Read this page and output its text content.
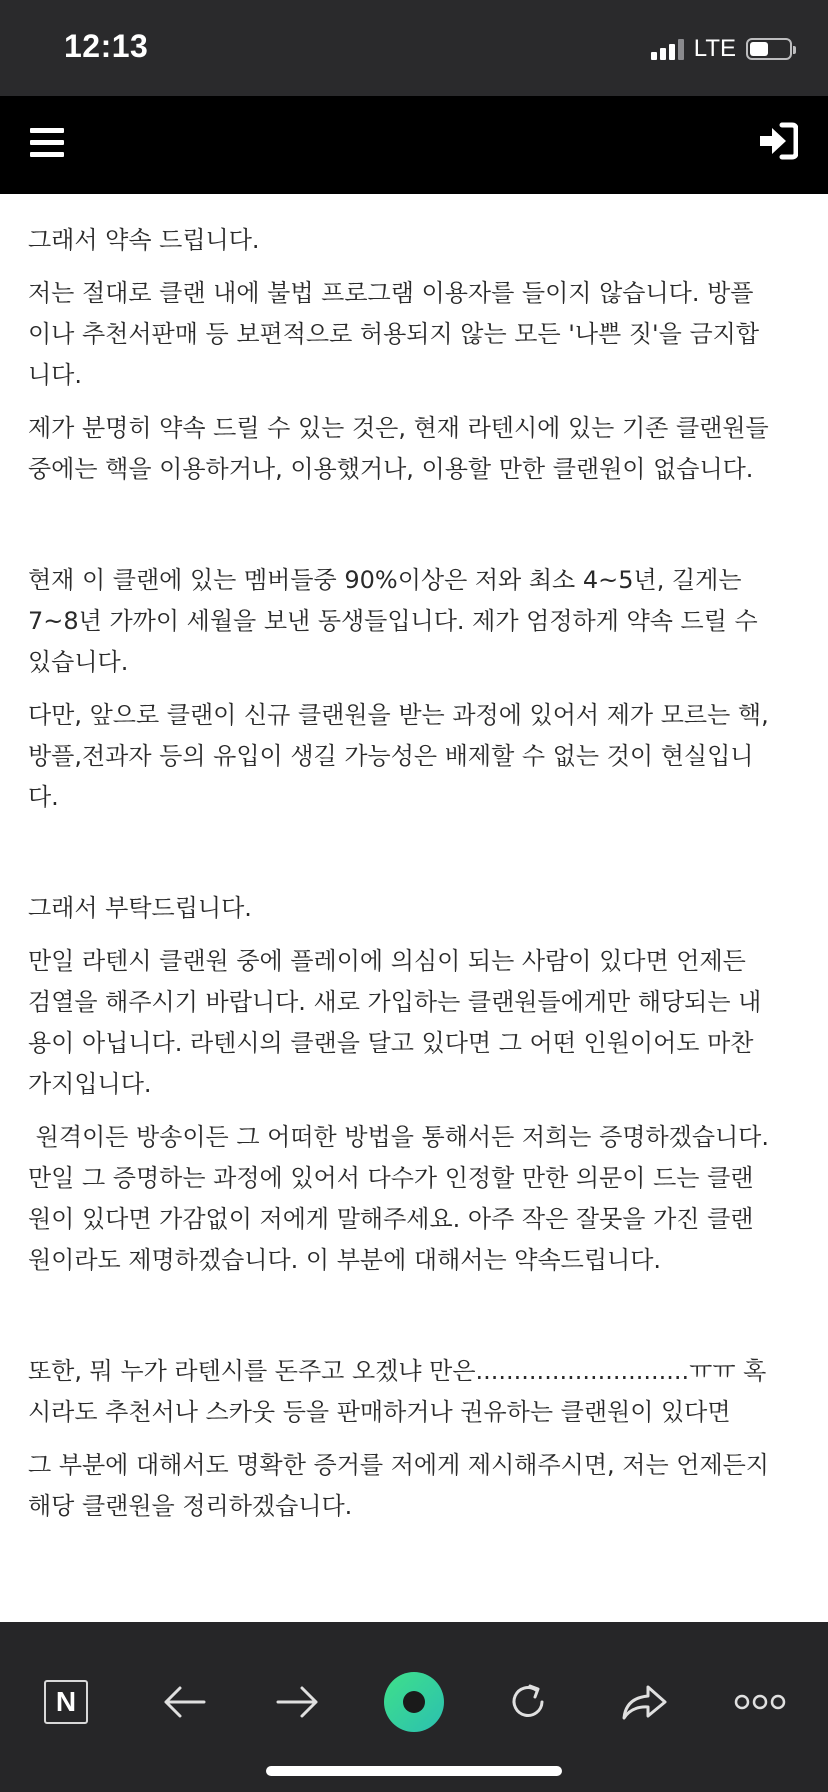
12:13	LTE

그래서 약속 드립니다.

저는 절대로 클랜 내에 불법 프로그램 이용자를 들이지 않습니다. 방플

이나 추천서판매 등 보편적으로 허용되지 않는 모든 '나쁜 짓'을 금지합

니다.

제가 분명히 약속 드릴 수 있는 것은, 현재 라텐시에 있는 기존 클랜원들

중에는 핵을 이용하거나, 이용했거나, 이용할 만한 클랜원이 없습니다.

현재 이 클랜에 있는 멤버들중 90%이상은 저와 최소 4~5년, 길게는

7~8년 가까이 세월을 보낸 동생들입니다. 제가 엄정하게 약속 드릴 수

있습니다.

다만, 앞으로 클랜이 신규 클랜원을 받는 과정에 있어서 제가 모르는 핵,

방플,전과자 등의 유입이 생길 가능성은 배제할 수 없는 것이 현실입니

다.

그래서 부탁드립니다.

만일 라텐시 클랜원 중에 플레이에 의심이 되는 사람이 있다면 언제든

검열을 해주시기 바랍니다. 새로 가입하는 클랜원들에게만 해당되는 내

용이 아닙니다. 라텐시의 클랜을 달고 있다면 그 어떤 인원이어도 마찬

가지입니다.

원격이든 방송이든 그 어떠한 방법을 통해서든 저희는 증명하겠습니다.

만일 그 증명하는 과정에 있어서 다수가 인정할 만한 의문이 드는 클랜

원이 있다면 가감없이 저에게 말해주세요. 아주 작은 잘못을 가진 클랜

원이라도 제명하겠습니다. 이 부분에 대해서는 약속드립니다.

또한, 뭐 누가 라텐시를 돈주고 오겠냐 만은............................ㅠㅠ 혹

시라도 추천서나 스카웃 등을 판매하거나 권유하는 클랜원이 있다면

그 부분에 대해서도 명확한 증거를 저에게 제시해주시면, 저는 언제든지

해당 클랜원을 정리하겠습니다.

N
